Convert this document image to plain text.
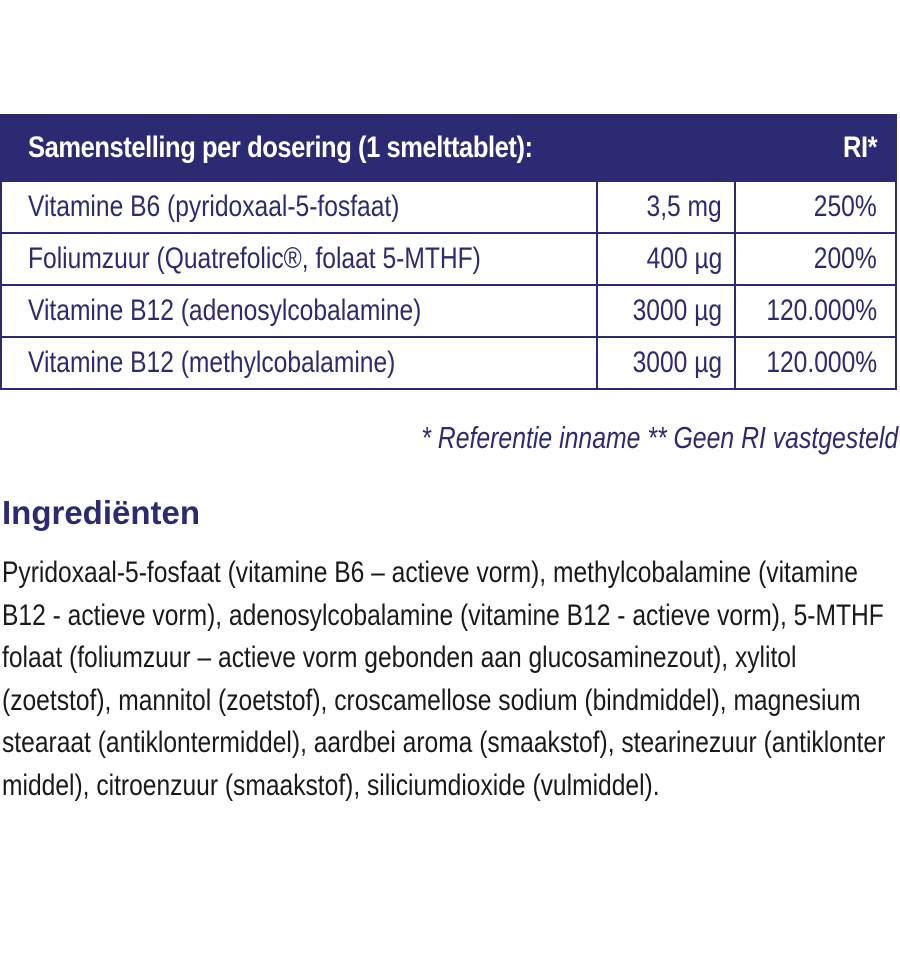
Samenstelling per dosering (1 smelttablet):	RI*
Vitamine B6 (pyridoxaal-5-fosfaat)	3,5 mg	250%
Foliumzuur (Quatrefolic®, folaat 5-MTHF)	400 µg	200%
Vitamine B12 (adenosylcobalamine)	3000 µg 120.000%
Vitamine B12 (methylcobalamine)	3000 µg 120.000%
* Referentie inname ** Geen RI vastgesteld
Ingrediënten

Pyridoxaal-5-fosfaat (vitamine B6 – actieve vorm), methylcobalamine (vitamine B12 - actieve vorm), adenosylcobalamine (vitamine B12 - actieve vorm), 5-MTHF folaat (foliumzuur – actieve vorm gebonden aan glucosaminezout), xylitol (zoetstof), mannitol (zoetstof), croscamellose sodium (bindmiddel), magnesium stearaat (antiklontermiddel), aardbei aroma (smaakstof), stearinezuur (antiklonter middel), citroenzuur (smaakstof), siliciumdioxide (vulmiddel).
